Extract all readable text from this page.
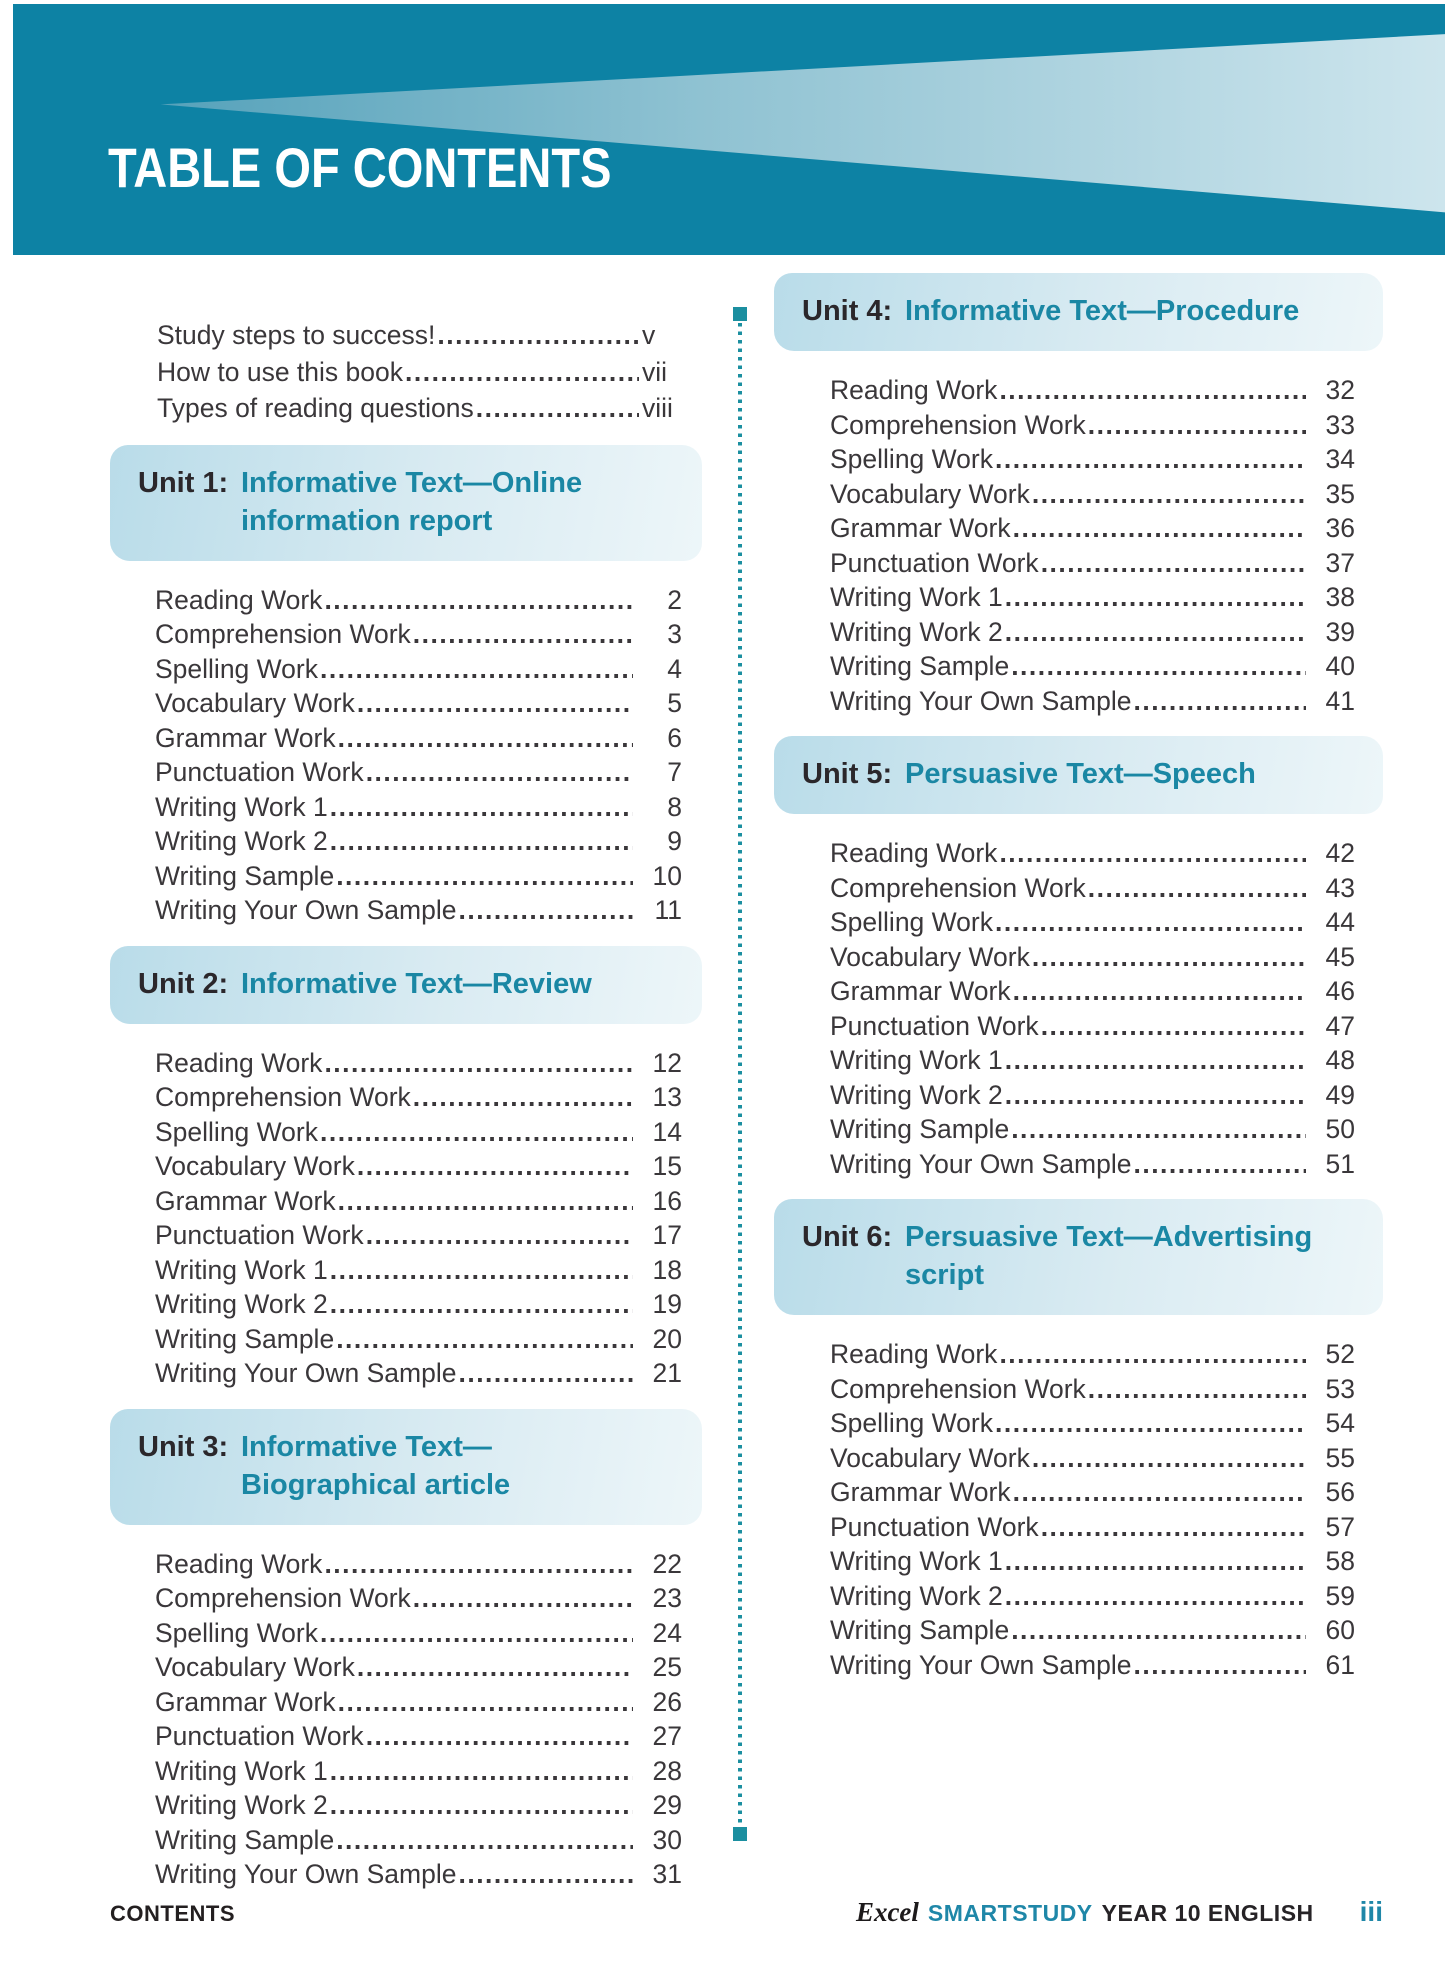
TABLE OF CONTENTS
Study steps to success! .....	v
How to use this book .....	vii
Types of reading questions .....	viii
Unit 1: Informative Text—Online
information report
Reading Work .....	2
Comprehension Work .....	3
Spelling Work .....	4
Vocabulary Work .....	5
Grammar Work .....	6
Punctuation Work .....	7
Writing Work 1 .....	8
Writing Work 2 .....	9
Writing Sample .....	10
Writing Your Own Sample .....	11
Unit 2: Informative Text—Review
Reading Work .....	12
Comprehension Work .....	13
Spelling Work .....	14
Vocabulary Work .....	15
Grammar Work .....	16
Punctuation Work .....	17
Writing Work 1 .....	18
Writing Work 2 .....	19
Writing Sample .....	20
Writing Your Own Sample .....	21
Unit 3: Informative Text—
Biographical article
Reading Work .....	22
Comprehension Work .....	23
Spelling Work .....	24
Vocabulary Work .....	25
Grammar Work .....	26
Punctuation Work .....	27
Writing Work 1 .....	28
Writing Work 2 .....	29
Writing Sample .....	30
Writing Your Own Sample .....	31
Unit 4: Informative Text—Procedure
Reading Work .....	32
Comprehension Work .....	33
Spelling Work .....	34
Vocabulary Work .....	35
Grammar Work .....	36
Punctuation Work .....	37
Writing Work 1 .....	38
Writing Work 2 .....	39
Writing Sample .....	40
Writing Your Own Sample .....	41
Unit 5: Persuasive Text—Speech
Reading Work .....	42
Comprehension Work .....	43
Spelling Work .....	44
Vocabulary Work .....	45
Grammar Work .....	46
Punctuation Work .....	47
Writing Work 1 .....	48
Writing Work 2 .....	49
Writing Sample .....	50
Writing Your Own Sample .....	51
Unit 6: Persuasive Text—Advertising
script
Reading Work .....	52
Comprehension Work .....	53
Spelling Work .....	54
Vocabulary Work .....	55
Grammar Work .....	56
Punctuation Work .....	57
Writing Work 1 .....	58
Writing Work 2 .....	59
Writing Sample .....	60
Writing Your Own Sample .....	61
CONTENTS	Excel SMARTSTUDY YEAR 10 ENGLISH iii
